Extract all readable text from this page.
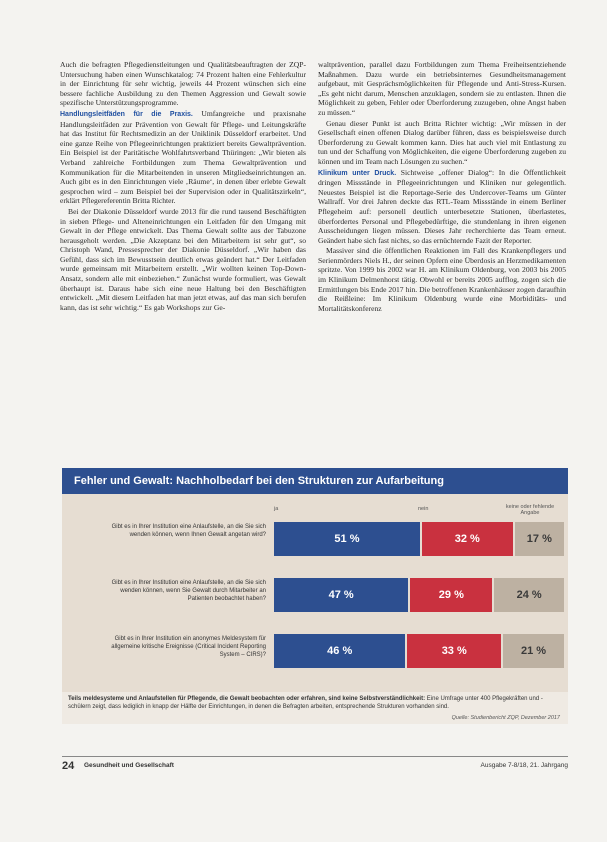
Auch die befragten Pflegedienstleitungen und Qualitätsbeauftragten der ZQP-Untersuchung haben einen Wunschkatalog: 74 Prozent halten eine Fehlerkultur in der Einrichtung für sehr wichtig, jeweils 44 Prozent wünschen sich eine bessere fachliche Ausbildung zu den Themen Aggression und Gewalt sowie spezifische Unterstützungsprogramme.

Handlungsleitfäden für die Praxis. Umfangreiche und praxisnahe Handlungsleitfäden zur Prävention von Gewalt für Pflege- und Leitungskräfte hat das Institut für Rechtsmedizin an der Uniklinik Düsseldorf erarbeitet. Und eine ganze Reihe von Pflegeeinrichtungen praktiziert bereits Gewaltprävention. Ein Beispiel ist der Paritätische Wohlfahrtsverband Thüringen: „Wir bieten als Verband zahlreiche Fortbildungen zum Thema Gewaltprävention und Kommunikation für die Mitarbeitenden in unseren Mitgliedseinrichtungen an. Auch gibt es in den Einrichtungen viele ‚Räume‘, in denen über erlebte Gewalt gesprochen wird – zum Beispiel bei der Supervision oder in Qualitätszirkeln“, erklärt Pflegereferentin Britta Richter.

Bei der Diakonie Düsseldorf wurde 2013 für die rund tausend Beschäftigten in sieben Pflege- und Alteneinrichtungen ein Leitfaden für den Umgang mit Gewalt in der Pflege entwickelt. Das Thema Gewalt sollte aus der Tabuzone herausgeholt werden. „Die Akzeptanz bei den Mitarbeitern ist sehr gut“, so Christoph Wand, Pressesprecher der Diakonie Düsseldorf. „Wir haben das Gefühl, dass sich im Bewusstsein deutlich etwas geändert hat.“ Der Leitfaden wurde gemeinsam mit Mitarbeitern erstellt. „Wir wollten keinen Top-Down-Ansatz, sondern alle mit einbeziehen.“ Zunächst wurde formuliert, was Gewalt überhaupt ist. Daraus habe sich eine neue Haltung bei den Beschäftigten entwickelt. „Mit diesem Leitfaden hat man jetzt etwas, auf das man sich berufen kann, das ist sehr wichtig.“ Es gab Workshops zur Ge-

waltprävention, parallel dazu Fortbildungen zum Thema Freiheitsentziehende Maßnahmen. Dazu wurde ein betriebsinternes Gesundheitsmanagement aufgebaut, mit Gesprächsmöglichkeiten für Pflegende und Anti-Stress-Kursen. „Es geht nicht darum, Menschen anzuklagen, sondern sie zu entlasten. Ihnen die Möglichkeit zu geben, Fehler oder Überforderung zuzugeben, ohne Angst haben zu müssen.“

Genau dieser Punkt ist auch Britta Richter wichtig: „Wir müssen in der Gesellschaft einen offenen Dialog darüber führen, dass es beispielsweise durch Überforderung zu Gewalt kommen kann. Dies hat auch viel mit Entlastung zu tun und der Schaffung von Möglichkeiten, die eigene Überforderung zugeben zu können und im Team nach Lösungen zu suchen.“

Klinikum unter Druck. Sichtweise „offener Dialog“: In die Öffentlichkeit dringen Missstände in Pflegeeinrichtungen und Kliniken nur gelegentlich. Neuestes Beispiel ist die Reportage-Serie des Undercover-Teams um Günter Wallraff. Vor drei Jahren deckte das RTL-Team Missstände in einem Berliner Pflegeheim auf: personell deutlich unterbesetzte Stationen, überlastetes, überfordertes Personal und Pflegebedürftige, die stundenlang in ihren eigenen Ausscheidungen liegen müssen. Dieses Jahr recherchierte das Team erneut. Geändert habe sich fast nichts, so das ernüchternde Fazit der Reporter.

Massiver sind die öffentlichen Reaktionen im Fall des Krankenpflegers und Serienmörders Niels H., der seinen Opfern eine Überdosis an Herzmedikamenten spritzte. Von 1999 bis 2002 war H. am Klinikum Oldenburg, von 2003 bis 2005 im Klinikum Delmenhorst tätig. Obwohl er bereits 2005 aufflog, zogen sich die Ermittlungen bis Ende 2017 hin. Die betroffenen Krankenhäuser zogen daraufhin die Reißleine: Im Klinikum Oldenburg wurde eine Morbiditäts- und Mortalitätskonferenz

Fehler und Gewalt: Nachholbedarf bei den Strukturen zur Aufarbeitung
ja	nein	keine oder fehlende Angabe
Teils meldesysteme und Anlaufstellen für Pflegende, die Gewalt beobachten oder erfahren, sind keine Selbstverständlichkeit: Eine Umfrage unter 400 Pflegekräften und -schülern zeigt, dass lediglich in knapp der Hälfte der Einrichtungen, in denen die Befragten arbeiten, entsprechende Strukturen vorhanden sind.
Quelle: Studienbericht ZQP, Dezember 2017
Gibt es in Ihrer Institution eine Anlaufstelle, an die Sie sich wenden können, wenn Ihnen Gewalt angetan wird?	51 %	32 %	17 %
Gibt es in Ihrer Institution eine Anlaufstelle, an die Sie sich wenden können, wenn Sie Gewalt durch Mitarbeiter an Patienten beobachtet haben?	47 %	29 %	24 %
Gibt es in Ihrer Institution ein anonymes Meldesystem für allgemeine kritische Ereignisse (Critical Incident Reporting System – CIRS)?	46 %	33 %	21 %
24 Gesundheit und Gesellschaft	Ausgabe 7-8/18, 21. Jahrgang
